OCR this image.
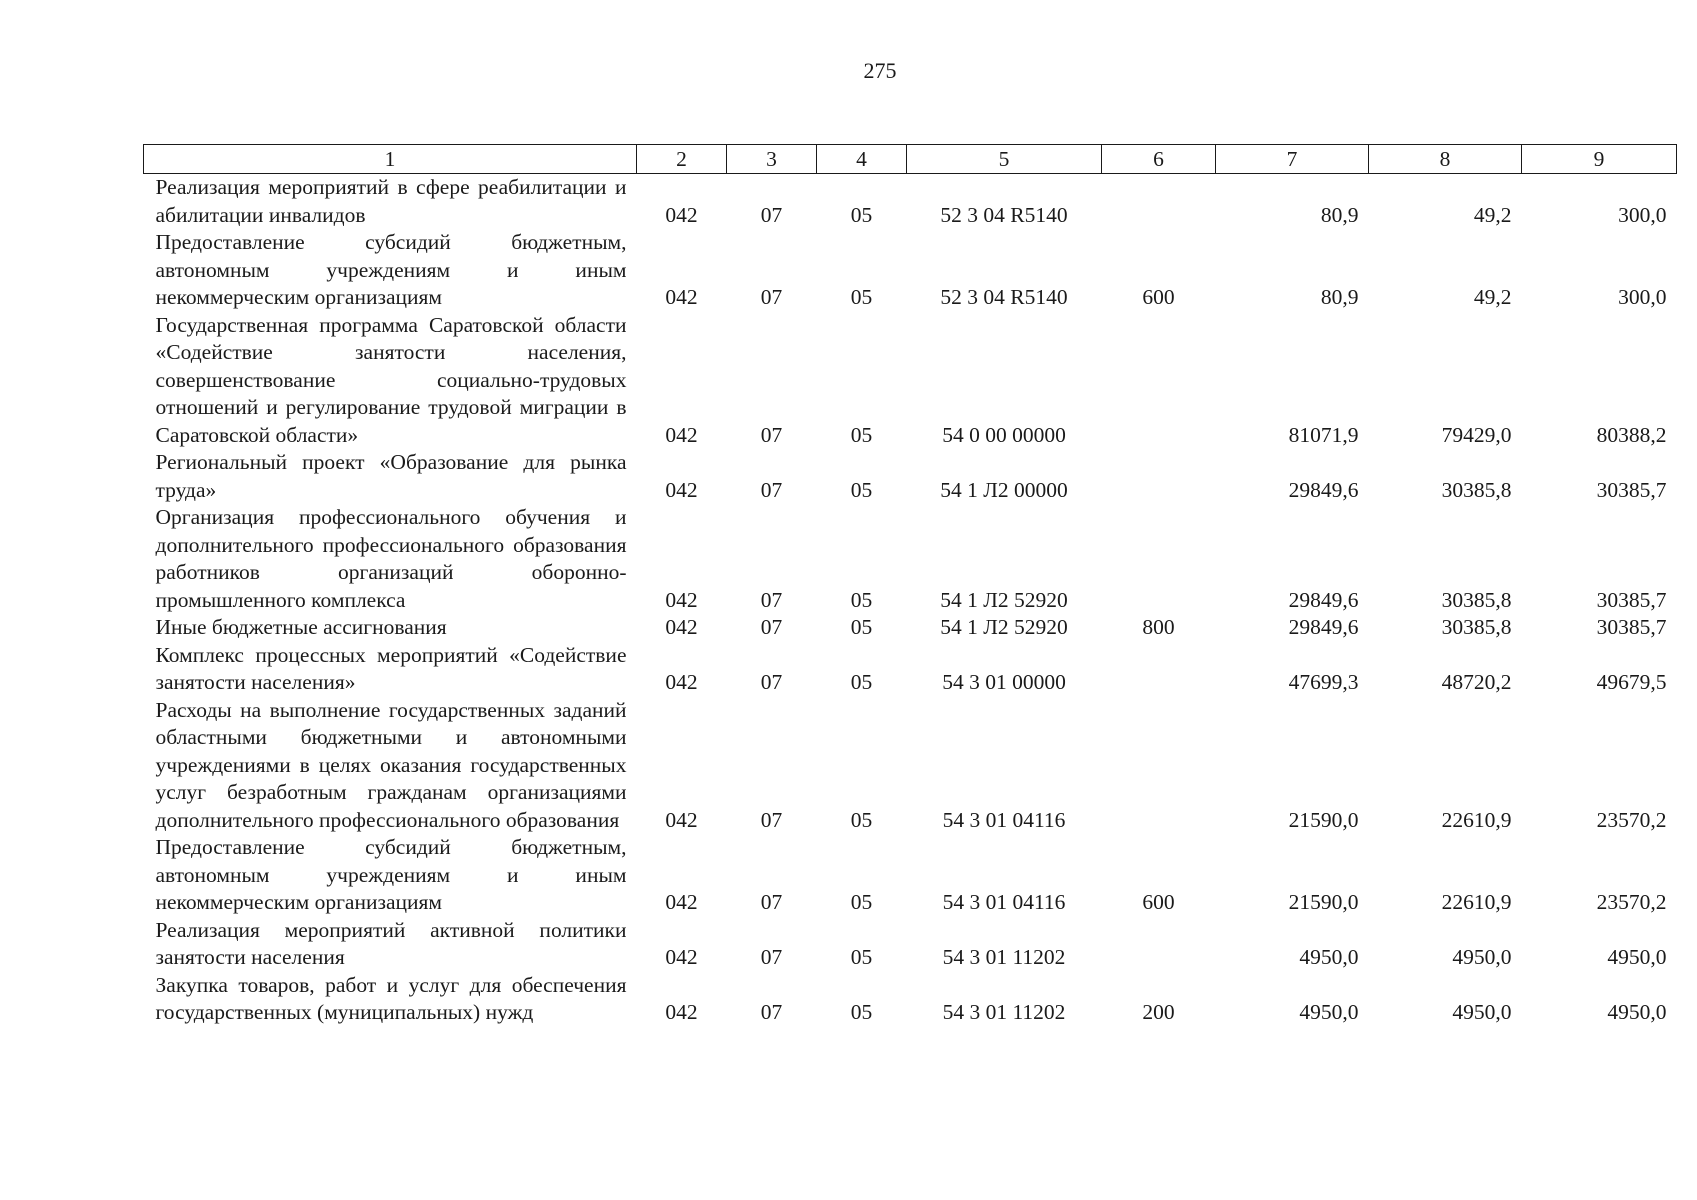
275
1	2	3	4	5	6	7	8	9
Реализация мероприятий в сфере реабилитации и абилитации инвалидов	042	07	05	52 3 04 R5140		80,9	49,2	300,0
Предоставление субсидий бюджетным, автономным учреждениям и иным некоммерческим организациям	042	07	05	52 3 04 R5140	600	80,9	49,2	300,0
Государственная программа Саратовской области «Содействие занятости населения, совершенствование социально-трудовых отношений и регулирование трудовой миграции в Саратовской области»	042	07	05	54 0 00 00000		81071,9	79429,0	80388,2
Региональный проект «Образование для рынка труда»	042	07	05	54 1 Л2 00000		29849,6	30385,8	30385,7
Организация профессионального обучения и дополнительного профессионального образования работников организаций оборонно-промышленного комплекса	042	07	05	54 1 Л2 52920		29849,6	30385,8	30385,7
Иные бюджетные ассигнования	042	07	05	54 1 Л2 52920	800	29849,6	30385,8	30385,7
Комплекс процессных мероприятий «Содействие занятости населения»	042	07	05	54 3 01 00000		47699,3	48720,2	49679,5
Расходы на выполнение государственных заданий областными бюджетными и автономными учреждениями в целях оказания государственных услуг безработным гражданам организациями дополнительного профессионального образования	042	07	05	54 3 01 04116		21590,0	22610,9	23570,2
Предоставление субсидий бюджетным, автономным учреждениям и иным некоммерческим организациям	042	07	05	54 3 01 04116	600	21590,0	22610,9	23570,2
Реализация мероприятий активной политики занятости населения	042	07	05	54 3 01 11202		4950,0	4950,0	4950,0
Закупка товаров, работ и услуг для обеспечения государственных (муниципальных) нужд	042	07	05	54 3 01 11202	200	4950,0	4950,0	4950,0
